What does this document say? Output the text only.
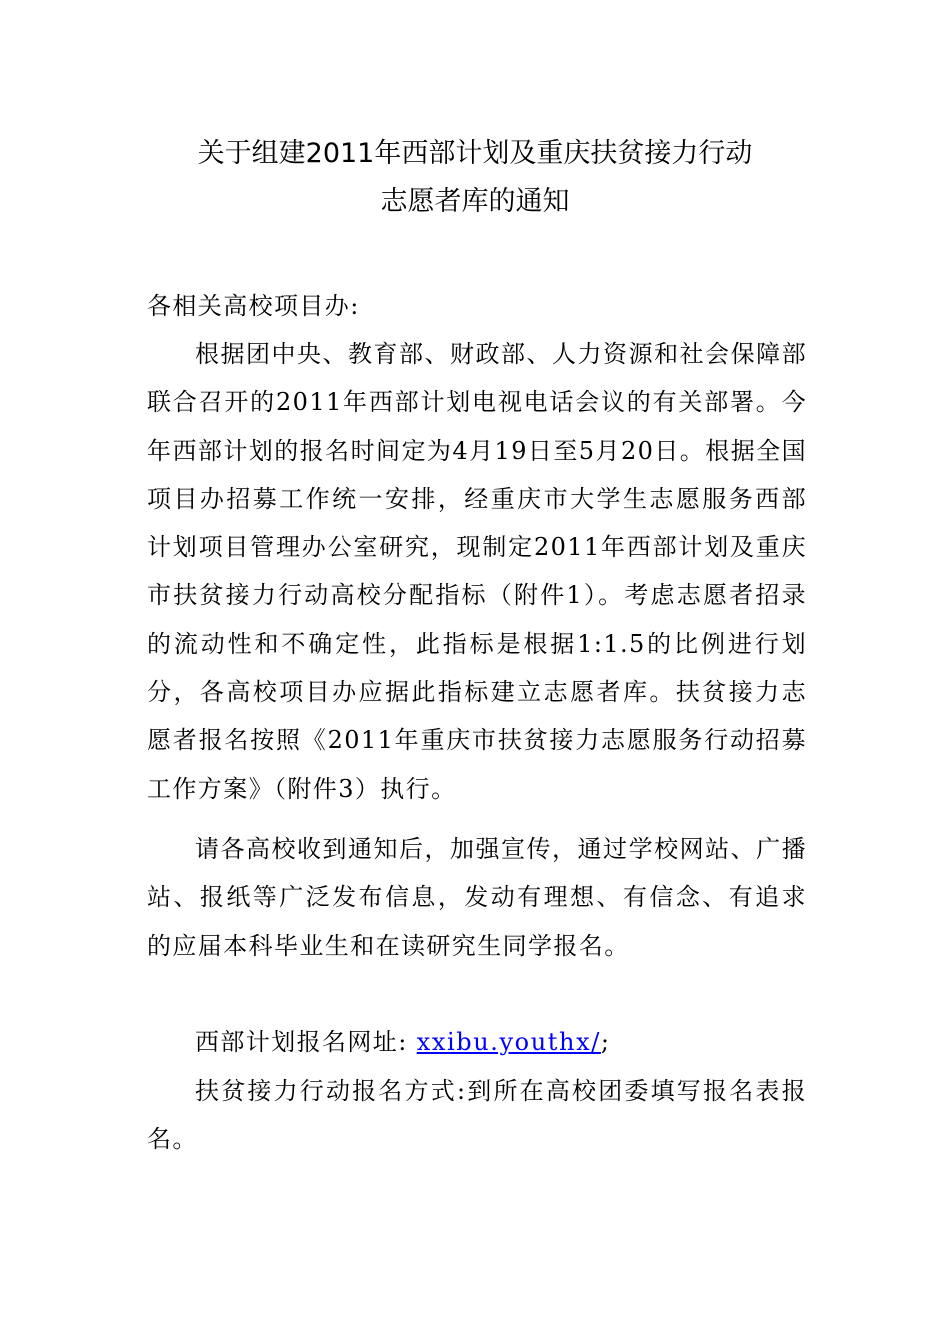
关于组建2011年西部计划及重庆扶贫接力行动
志愿者库的通知

各相关高校项目办:

根据团中央、教育部、财政部、人力资源和社会保障部联合召开的2011年西部计划电视电话会议的有关部署。今年西部计划的报名时间定为4月19日至5月20日。根据全国项目办招募工作统一安排，经重庆市大学生志愿服务西部计划项目管理办公室研究，现制定2011年西部计划及重庆市扶贫接力行动高校分配指标（附件1）。考虑志愿者招录的流动性和不确定性，此指标是根据1:1.5的比例进行划分，各高校项目办应据此指标建立志愿者库。扶贫接力志愿者报名按照《2011年重庆市扶贫接力志愿服务行动招募工作方案》（附件3）执行。

请各高校收到通知后，加强宣传，通过学校网站、广播站、报纸等广泛发布信息，发动有理想、有信念、有追求的应届本科毕业生和在读研究生同学报名。

西部计划报名网址: xxibu.youthx/;

扶贫接力行动报名方式:到所在高校团委填写报名表报名。
